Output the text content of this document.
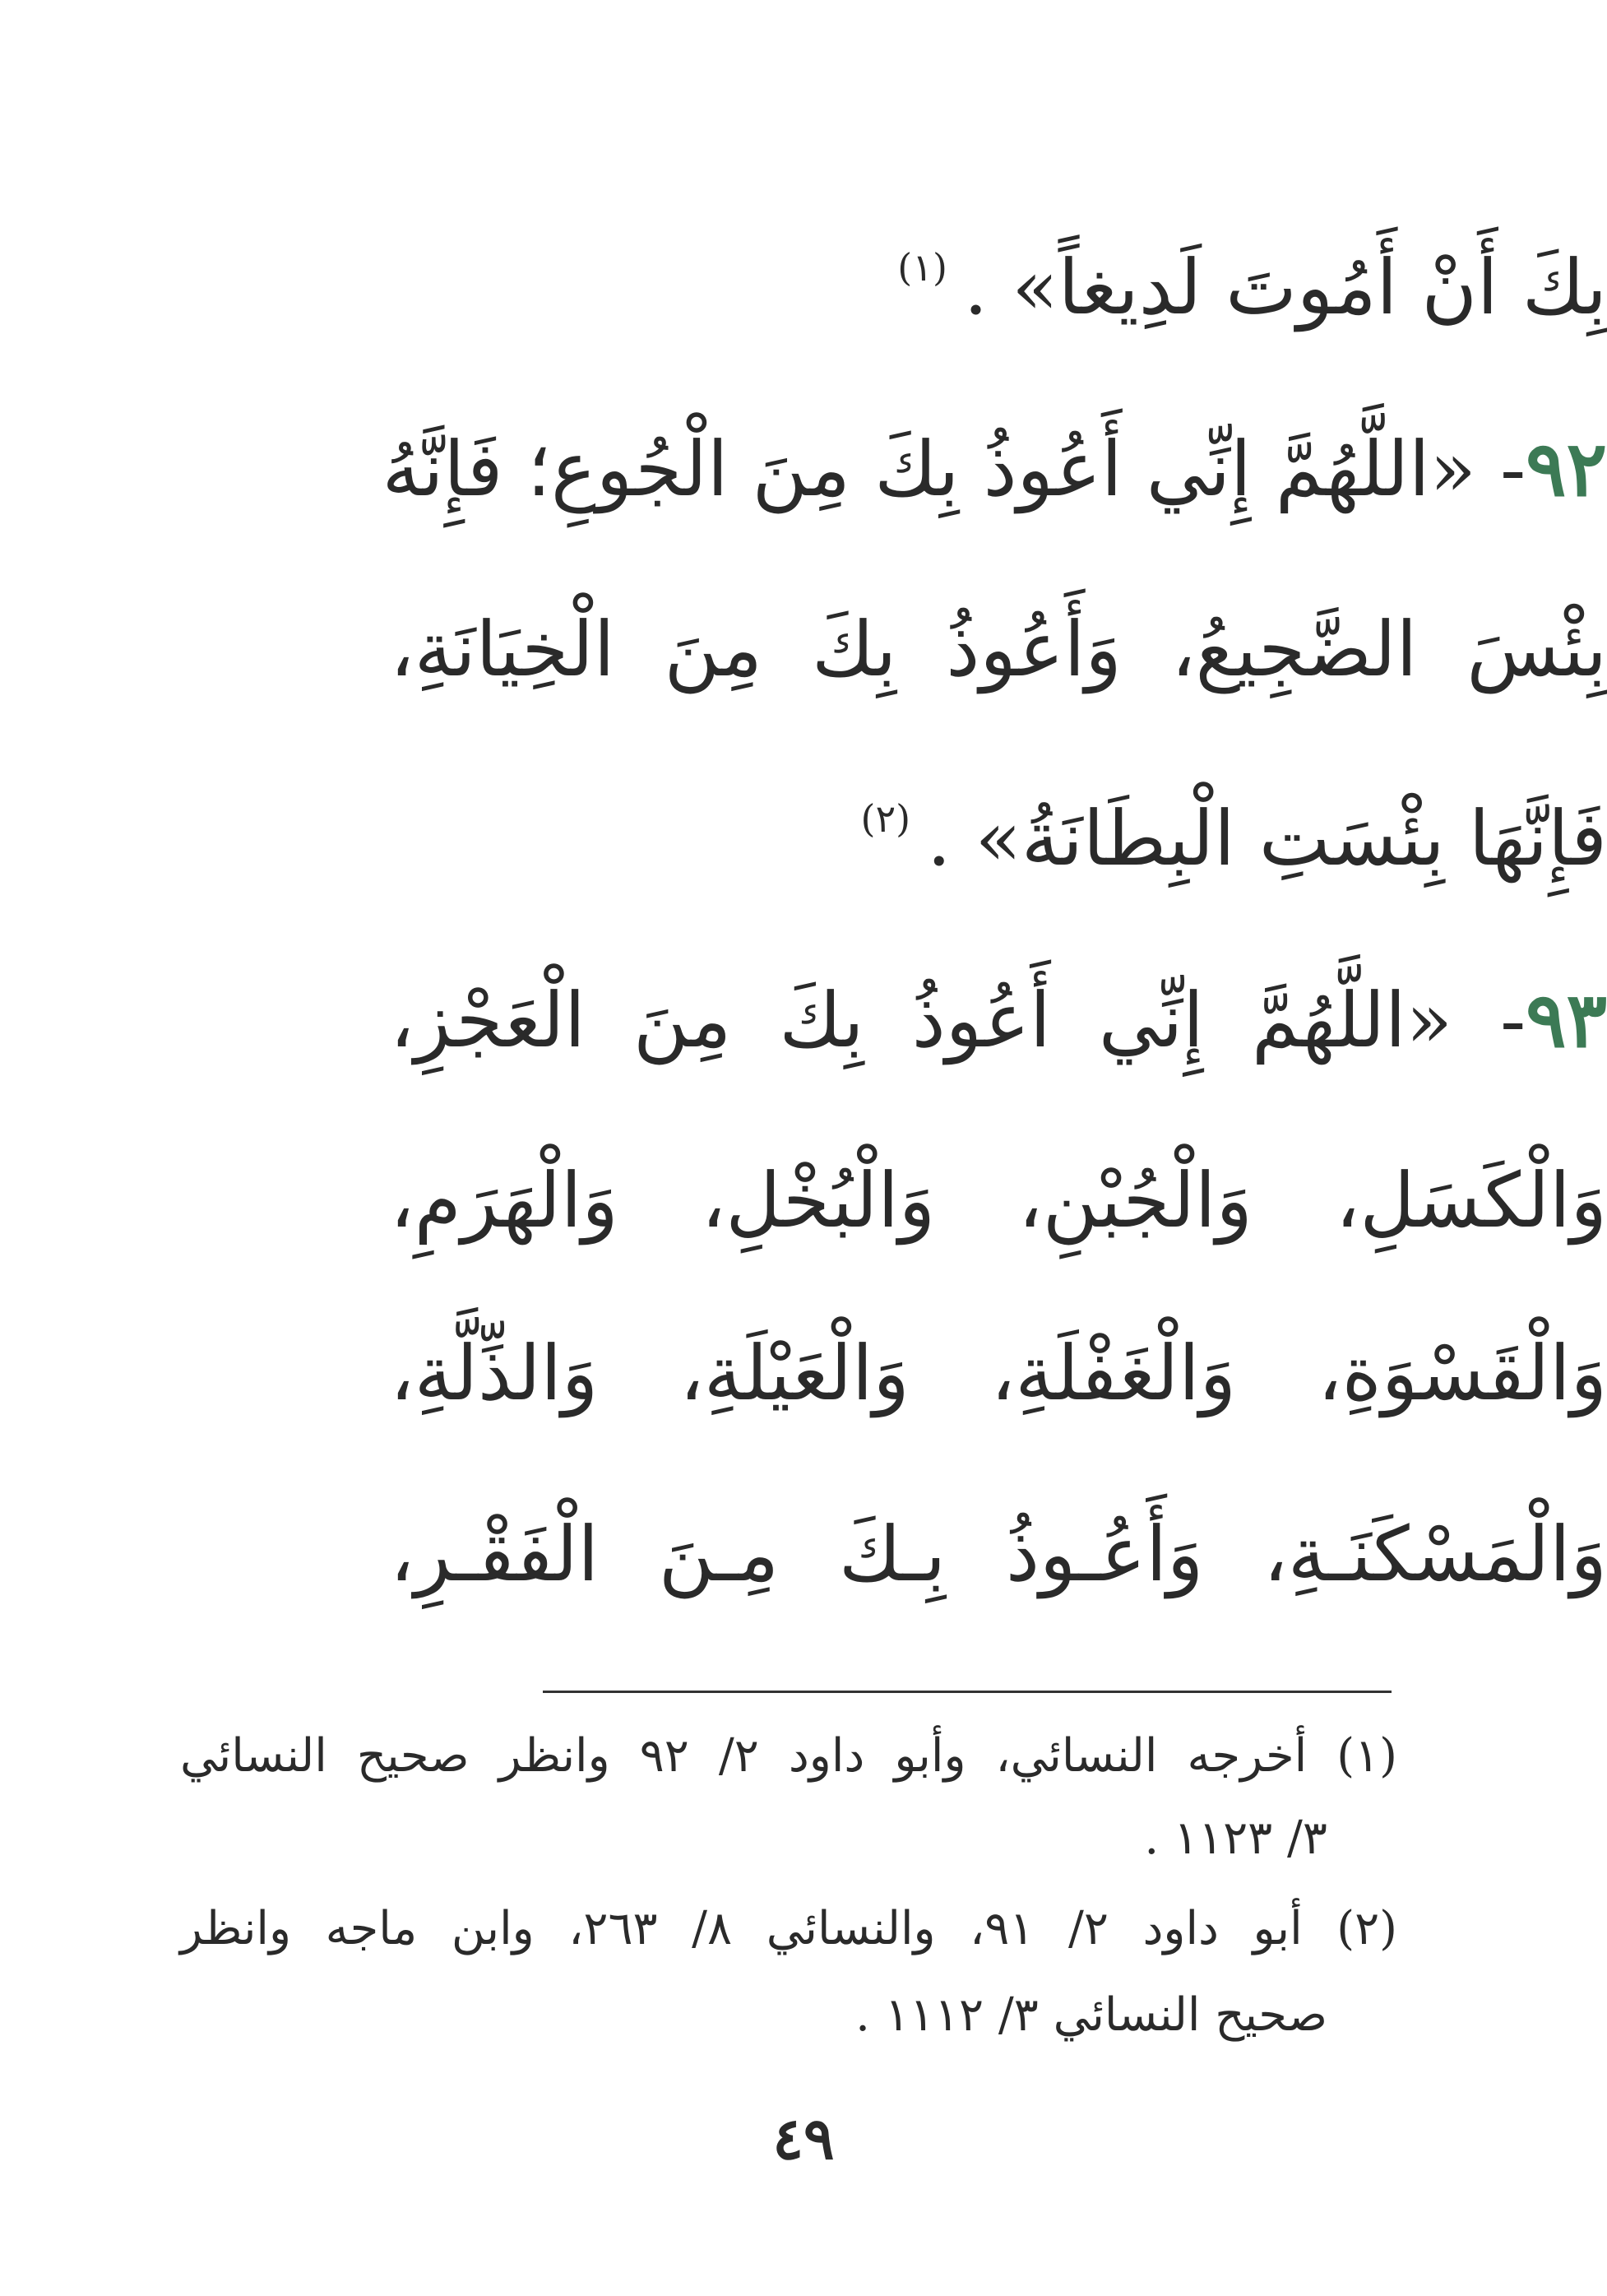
بِكَ أَنْ أَمُوتَ لَدِيغاً» .$^{(١)}$
٩٢- «اللَّهُمَّ إِنِّي أَعُوذُ بِكَ مِنَ الْجُوعِ؛ فَإِنَّهُ
بِئْسَ الضَّجِيعُ، وَأَعُوذُ بِكَ مِنَ الْخِيَانَةِ،
فَإِنَّهَا بِئْسَتِ الْبِطَانَةُ» .$^{(٢)}$
٩٣- «اللَّهُمَّ إِنِّي أَعُوذُ بِكَ مِنَ الْعَجْزِ،
وَالْكَسَلِ، وَالْجُبْنِ، وَالْبُخْلِ، وَالْهَرَمِ،
وَالْقَسْوَةِ، وَالْغَفْلَةِ، وَالْعَيْلَةِ، وَالذِّلَّةِ،
وَالْمَسْكَنَـةِ، وَأَعُـوذُ بِـكَ مِـنَ الْفَقْـرِ،
(١) أخرجه النسائي، وأبو داود ٢/ ٩٢ وانظر صحيح النسائي
٣/ ١١٢٣ .
(٢) أبو داود ٢/ ٩١، والنسائي ٨/ ٢٦٣، وابن ماجه وانظر
صحيح النسائي ٣/ ١١١٢ .
٤٩
